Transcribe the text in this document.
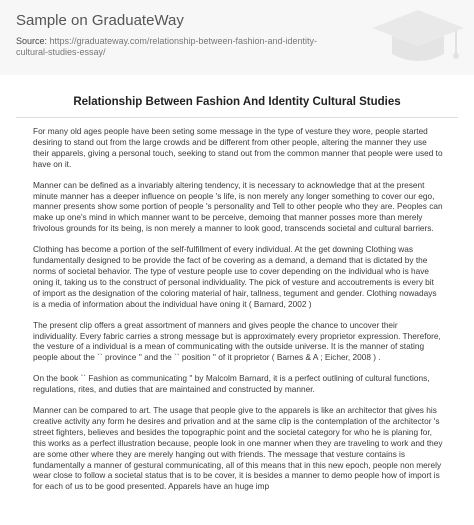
Sample on GraduateWay
Source: https://graduateway.com/relationship-between-fashion-and-identity-cultural-studies-essay/
Relationship Between Fashion And Identity Cultural Studies

For many old ages people have been seting some message in the type of vesture they wore, people started desiring to stand out from the large crowds and be different from other people, altering the manner they use their apparels, giving a personal touch, seeking to stand out from the common manner that people were used to have on it.

Manner can be defined as a invariably altering tendency, it is necessary to acknowledge that at the present minute manner has a deeper influence on people 's life, is non merely any longer something to cover our ego, manner presents show some portion of people 's personality and Tell to other people who they are. Peoples can make up one's mind in which manner want to be perceive, demoing that manner posses more than merely frivolous grounds for its being, is non merely a manner to look good, transcends societal and cultural barriers.

Clothing has become a portion of the self-fulfillment of every individual. At the get downing Clothing was fundamentally designed to be provide the fact of be covering as a demand, a demand that is dictated by the norms of societal behavior. The type of vesture people use to cover depending on the individual who is have oning it, taking us to the construct of personal individuality. The pick of vesture and accoutrements is every bit of import as the designation of the coloring material of hair, tallness, tegument and gender. Clothing nowadays is a media of information about the individual have oning it ( Barnard, 2002 )

The present clip offers a great assortment of manners and gives people the chance to uncover their individuality. Every fabric carries a strong message but is approximately every proprietor expression. Therefore, the vesture of a individual is a mean of communicating with the outside universe. It is the manner of stating people about the `` province '' and the `` position '' of it proprietor ( Barnes & A ; Eicher, 2008 ) .

On the book `` Fashion as communicating '' by Malcolm Barnard, it is a perfect outlining of cultural functions, regulations, rites, and duties that are maintained and constructed by manner.

Manner can be compared to art. The usage that people give to the apparels is like an architector that gives his creative activity any form he desires and privation and at the same clip is the contemplation of the architector 's street fighters, believes and besides the topographic point and the societal category for who he is planing for, this works as a perfect illustration because, people look in one manner when they are traveling to work and they are some other where they are merely hanging out with friends. The message that vesture contains is fundamentally a manner of gestural communicating, all of this means that in this new epoch, people non merely wear close to follow a societal status that is to be cover, it is besides a manner to demo people how of import is for each of us to be good presented. Apparels have an huge imp
